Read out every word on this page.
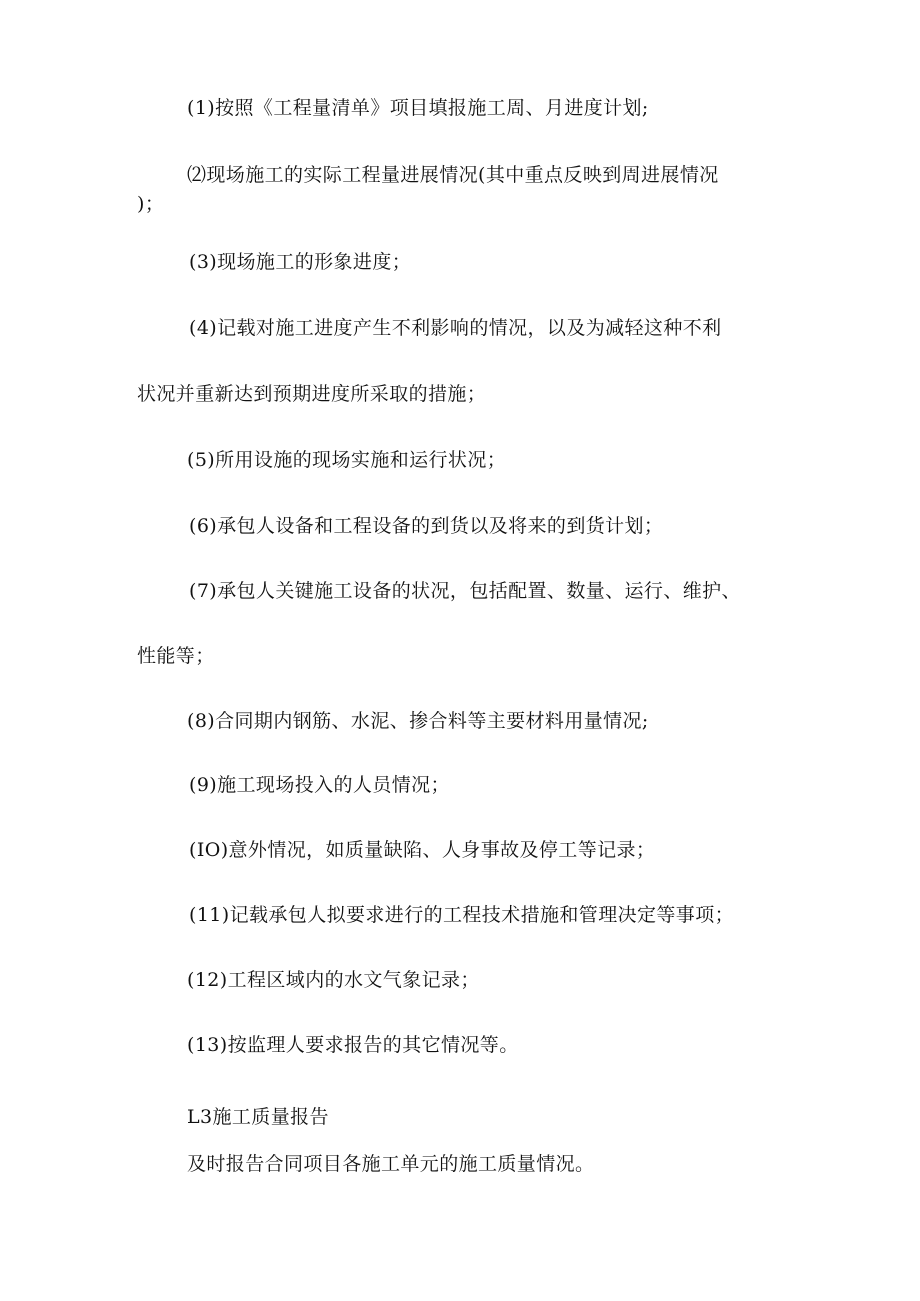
(1)按照《工程量清单》项目填报施工周、月进度计划;
⑵现场施工的实际工程量进展情况(其中重点反映到周进展情况
)；
(3)现场施工的形象进度；
(4)记载对施工进度产生不利影响的情况，以及为减轻这种不利
状况并重新达到预期进度所采取的措施；
(5)所用设施的现场实施和运行状况；
(6)承包人设备和工程设备的到货以及将来的到货计划；
(7)承包人关键施工设备的状况，包括配置、数量、运行、维护、
性能等；
(8)合同期内钢筋、水泥、掺合料等主要材料用量情况;
(9)施工现场投入的人员情况；
(IO)意外情况，如质量缺陷、人身事故及停工等记录；
(11)记载承包人拟要求进行的工程技术措施和管理决定等事项；
(12)工程区域内的水文气象记录；
(13)按监理人要求报告的其它情况等。
L3施工质量报告
及时报告合同项目各施工单元的施工质量情况。
